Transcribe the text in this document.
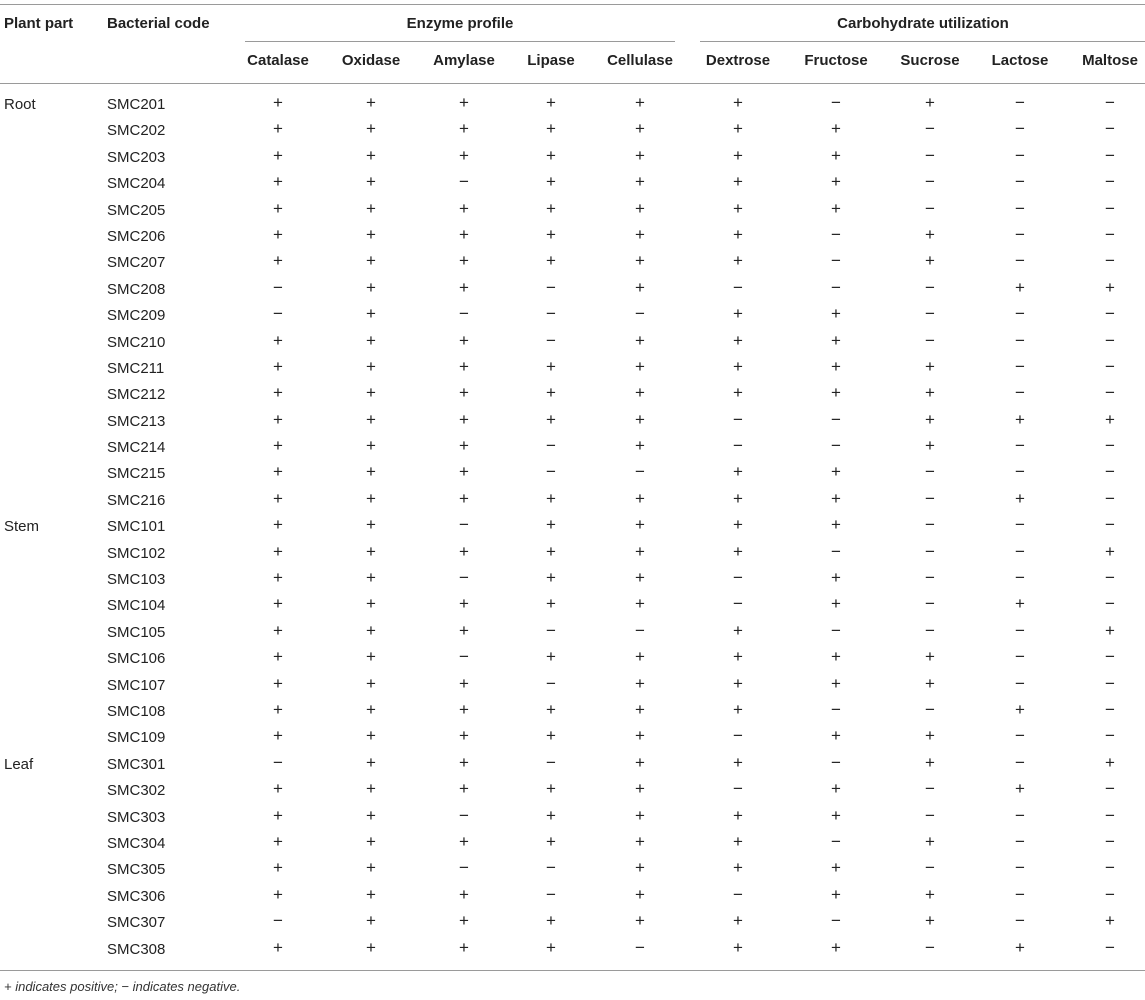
Plant part Bacterial code	Enzyme profile	Carbohydrate utilization
Catalase Oxidase Amylase Lipase Cellulase Dextrose Fructose Sucrose Lactose Maltose
Root	SMC201	+	+	+	+	+	+	−	+	−	−
SMC202	+	+	+	+	+	+	+	−	−	−
SMC203	+	+	+	+	+	+	+	−	−	−
SMC204	+	+	−	+	+	+	+	−	−	−
SMC205	+	+	+	+	+	+	+	−	−	−
SMC206	+	+	+	+	+	+	−	+	−	−
SMC207	+	+	+	+	+	+	−	+	−	−
SMC208	−	+	+	−	+	−	−	−	+	+
SMC209	−	+	−	−	−	+	+	−	−	−
SMC210	+	+	+	−	+	+	+	−	−	−
SMC211	+	+	+	+	+	+	+	+	−	−
SMC212	+	+	+	+	+	+	+	+	−	−
SMC213	+	+	+	+	+	−	−	+	+	+
SMC214	+	+	+	−	+	−	−	+	−	−
SMC215	+	+	+	−	−	+	+	−	−	−
SMC216	+	+	+	+	+	+	+	−	+	−
Stem	SMC101	+	+	−	+	+	+	+	−	−	−
SMC102	+	+	+	+	+	+	−	−	−	+
SMC103	+	+	−	+	+	−	+	−	−	−
SMC104	+	+	+	+	+	−	+	−	+	−
SMC105	+	+	+	−	−	+	−	−	−	+
SMC106	+	+	−	+	+	+	+	+	−	−
SMC107	+	+	+	−	+	+	+	+	−	−
SMC108	+	+	+	+	+	+	−	−	+	−
SMC109	+	+	+	+	+	−	+	+	−	−
Leaf	SMC301	−	+	+	−	+	+	−	+	−	+
SMC302	+	+	+	+	+	−	+	−	+	−
SMC303	+	+	−	+	+	+	+	−	−	−
SMC304	+	+	+	+	+	+	−	+	−	−
SMC305	+	+	−	−	+	+	+	−	−	−
SMC306	+	+	+	−	+	−	+	+	−	−
SMC307	−	+	+	+	+	+	−	+	−	+
SMC308	+	+	+	+	−	+	+	−	+	−
+ indicates positive; − indicates negative.
